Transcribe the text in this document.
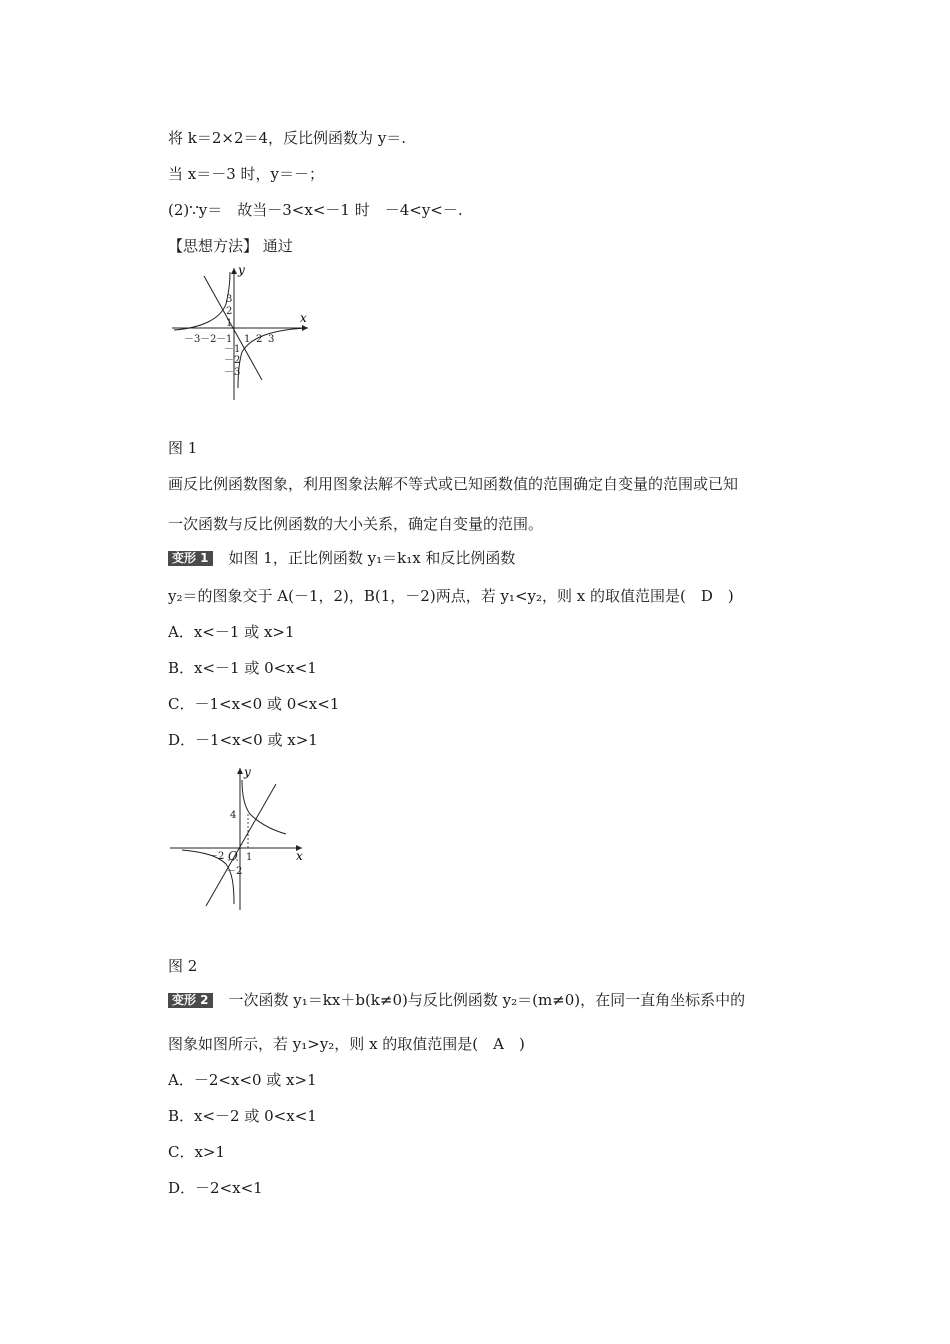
将 k＝2×2＝4，反比例函数为 y＝.
当 x＝－3 时，y＝－；
(2)∵y＝　故当－3<x<－1 时　－4<y<－.
【思想方法】 通过
x
y
－3 －2 －1 1 2 3
3
2
1
－1
－2
－3
图 1
画反比例函数图象，利用图象法解不等式或已知函数值的范围确定自变量的范围或已知
一次函数与反比例函数的大小关系，确定自变量的范围。
变形 1 如图 1，正比例函数 y₁＝k₁x 和反比例函数
y₂＝的图象交于 A(－1，2)，B(1，－2)两点，若 y₁<y₂，则 x 的取值范围是(　D　)
A．x<－1 或 x>1
B．x<－1 或 0<x<1
C．－1<x<0 或 0<x<1
D．－1<x<0 或 x>1
x
y
－2 1
4
－2
O
图 2
变形 2 一次函数 y₁＝kx＋b(k≠0)与反比例函数 y₂＝(m≠0)，在同一直角坐标系中的
图象如图所示，若 y₁>y₂，则 x 的取值范围是(　A　)
A．－2<x<0 或 x>1
B．x<－2 或 0<x<1
C．x>1
D．－2<x<1
